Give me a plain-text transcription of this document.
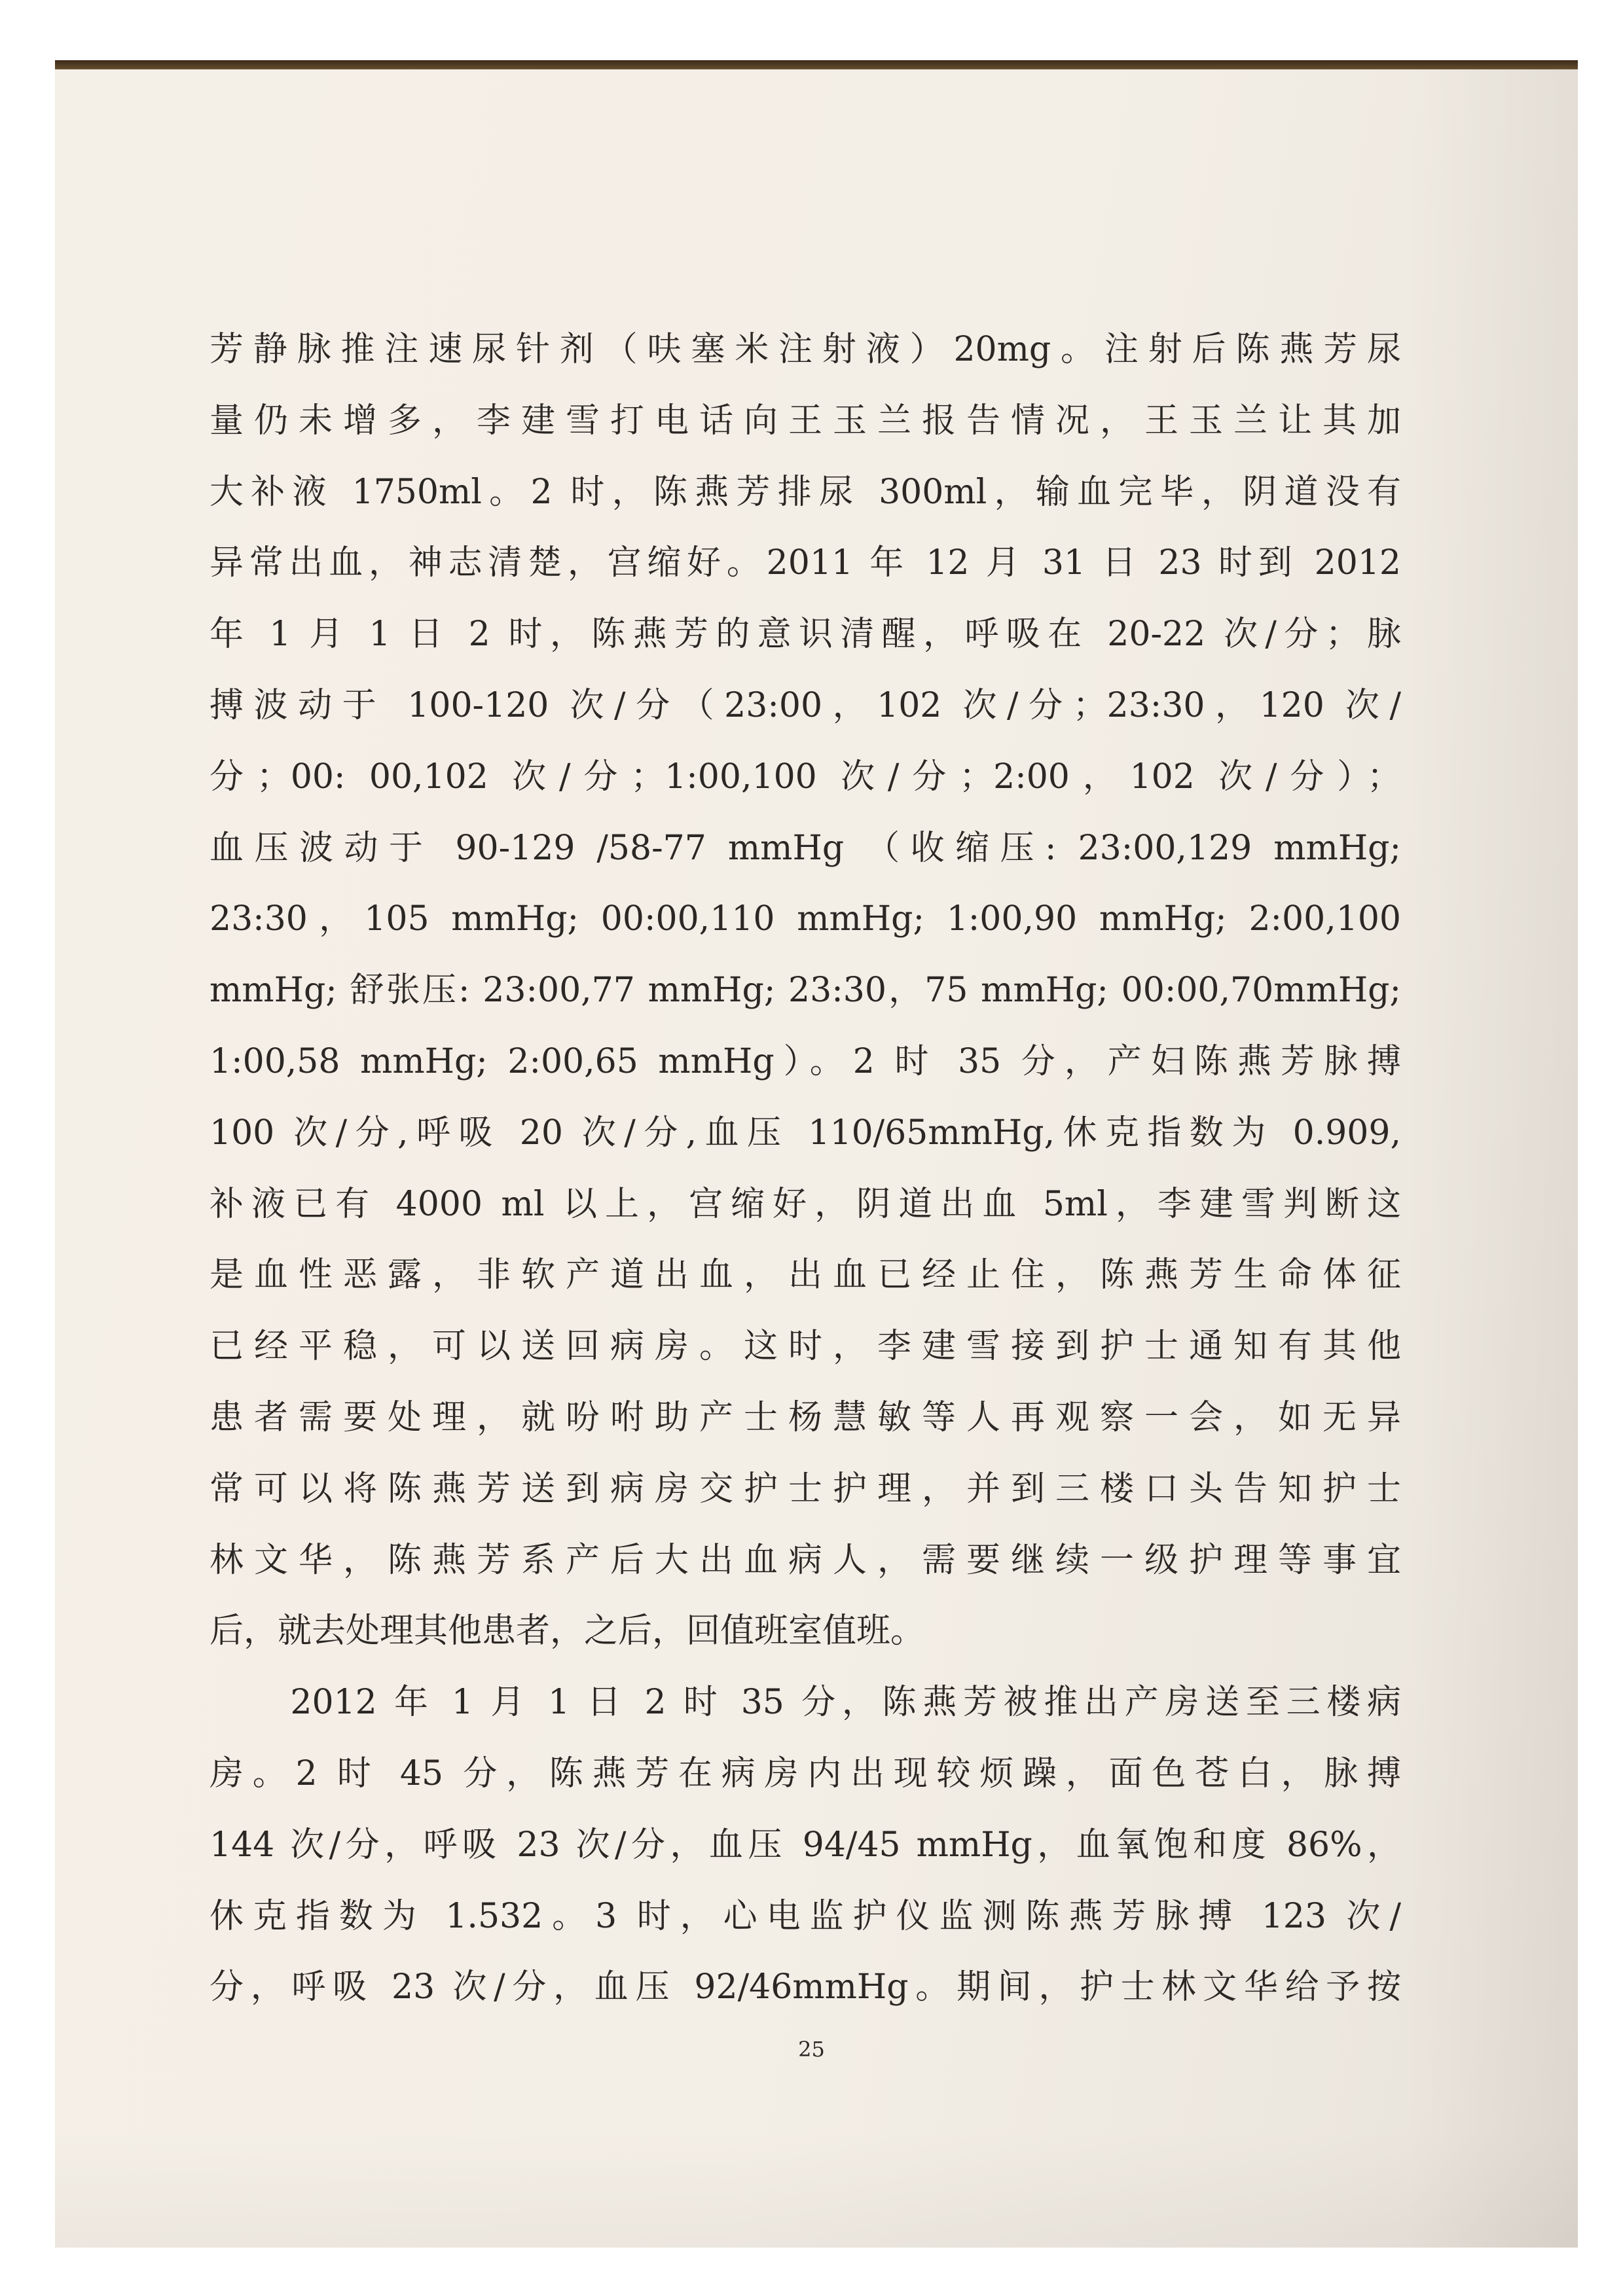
芳静脉推注速尿针剂（呋塞米注射液）20mg。注射后陈燕芳尿
量仍未增多，李建雪打电话向王玉兰报告情况，王玉兰让其加
大补液 1750ml。2 时，陈燕芳排尿 300ml，输血完毕，阴道没有
异常出血，神志清楚，宫缩好。2011 年 12 月 31 日 23 时到 2012
年 1 月 1 日 2 时，陈燕芳的意识清醒，呼吸在 20-22 次/分；脉
搏波动于 100-120 次/分（23:00，102 次/分；23:30，120 次/
分；00: 00,102 次/分；1:00,100 次/分；2:00，102 次/分）；
血压波动于 90-129 /58-77 mmHg （收缩压: 23:00,129 mmHg;
23:30，105 mmHg; 00:00,110 mmHg; 1:00,90 mmHg; 2:00,100
mmHg; 舒张压: 23:00,77 mmHg; 23:30，75 mmHg; 00:00,70mmHg;
1:00,58 mmHg; 2:00,65 mmHg）。2 时 35 分，产妇陈燕芳脉搏
100 次/分,呼吸 20 次/分,血压 110/65mmHg,休克指数为 0.909,
补液已有 4000 ml 以上，宫缩好，阴道出血 5ml，李建雪判断这
是血性恶露，非软产道出血，出血已经止住，陈燕芳生命体征
已经平稳，可以送回病房。这时，李建雪接到护士通知有其他
患者需要处理，就吩咐助产士杨慧敏等人再观察一会，如无异
常可以将陈燕芳送到病房交护士护理，并到三楼口头告知护士
林文华，陈燕芳系产后大出血病人，需要继续一级护理等事宜
后，就去处理其他患者，之后，回值班室值班。
　　2012 年 1 月 1 日 2 时 35 分，陈燕芳被推出产房送至三楼病
房。2 时 45 分，陈燕芳在病房内出现较烦躁，面色苍白，脉搏
144 次/分，呼吸 23 次/分，血压 94/45 mmHg，血氧饱和度 86%，
休克指数为 1.532。3 时，心电监护仪监测陈燕芳脉搏 123 次/
分，呼吸 23 次/分，血压 92/46mmHg。期间，护士林文华给予按
25
